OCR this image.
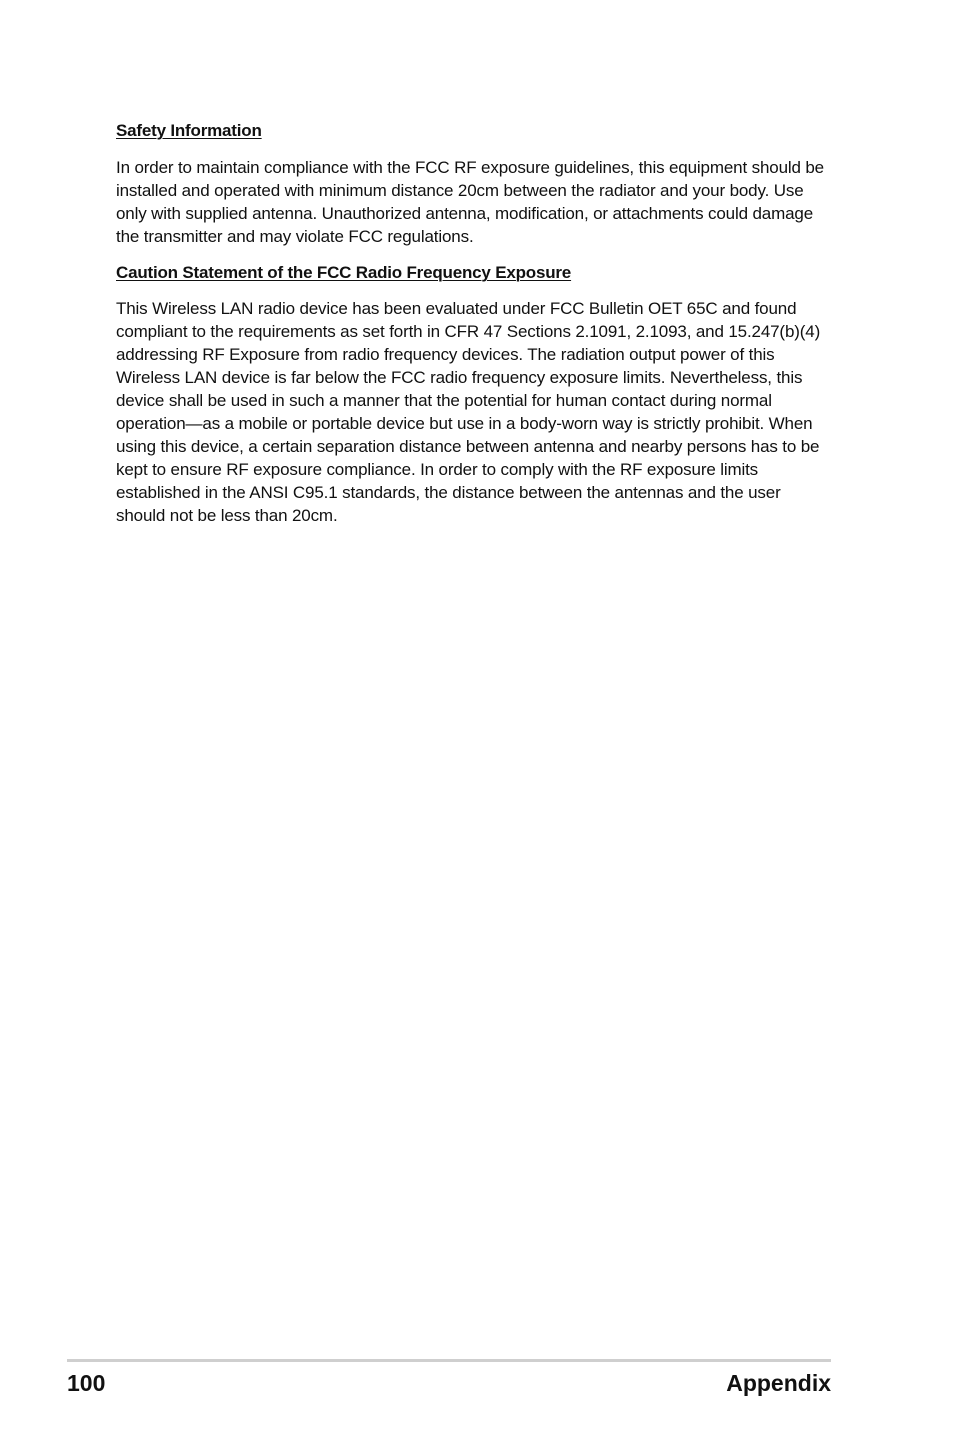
Safety Information

In order to maintain compliance with the FCC RF exposure guidelines, this equipment should be installed and operated with minimum distance 20cm between the radiator and your body. Use only with supplied antenna. Unauthorized antenna, modification, or attachments could damage the transmitter and may violate FCC regulations.

Caution Statement of the FCC Radio Frequency Exposure

This Wireless LAN radio device has been evaluated under FCC Bulletin OET 65C and found compliant to the requirements as set forth in CFR 47 Sections 2.1091, 2.1093, and 15.247(b)(4) addressing RF Exposure from radio frequency devices. The radiation output power of this Wireless LAN device is far below the FCC radio frequency exposure limits. Nevertheless, this device shall be used in such a manner that the potential for human contact during normal operation—as a mobile or portable device but use in a body-worn way is strictly prohibit. When using this device, a certain separation distance between antenna and nearby persons has to be kept to ensure RF exposure compliance. In order to comply with the RF exposure limits established in the ANSI C95.1 standards, the distance between the antennas and the user should not be less than 20cm.

100	Appendix
